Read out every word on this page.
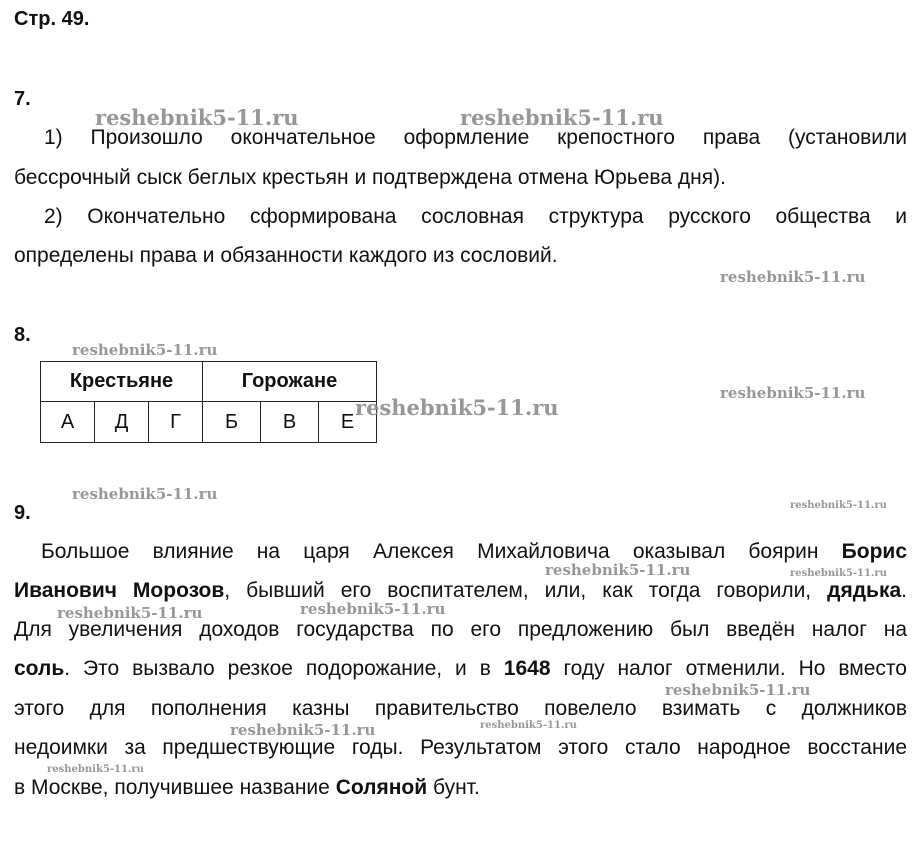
Стр. 49.
7.
1) Произошло окончательное оформление крепостного права (установили
бессрочный сыск беглых крестьян и подтверждена отмена Юрьева дня).
2) Окончательно сформирована сословная структура русского общества и
определены права и обязанности каждого из сословий.
8.
Крестьяне			Горожане		
А	Д	Г	Б	В	Е
9.
Большое влияние на царя Алексея Михайловича оказывал боярин Борис
Иванович Морозов, бывший его воспитателем, или, как тогда говорили, дядька.
Для увеличения доходов государства по его предложению был введён налог на
соль. Это вызвало резкое подорожание, и в 1648 году налог отменили. Но вместо
этого для пополнения казны правительство повелело взимать с должников
недоимки за предшествующие годы. Результатом этого стало народное восстание
в Москве, получившее название Соляной бунт.
reshebnik5-11.ru	reshebnik5-11.ru
reshebnik5-11.ru
reshebnik5-11.ru
reshebnik5-11.ru
reshebnik5-11.ru
reshebnik5-11.ru
reshebnik5-11.ru
reshebnik5-11.ru	reshebnik5-11.ru
reshebnik5-11.ru	reshebnik5-11.ru
reshebnik5-11.ru
reshebnik5-11.ru
reshebnik5-11.ru
reshebnik5-11.ru
